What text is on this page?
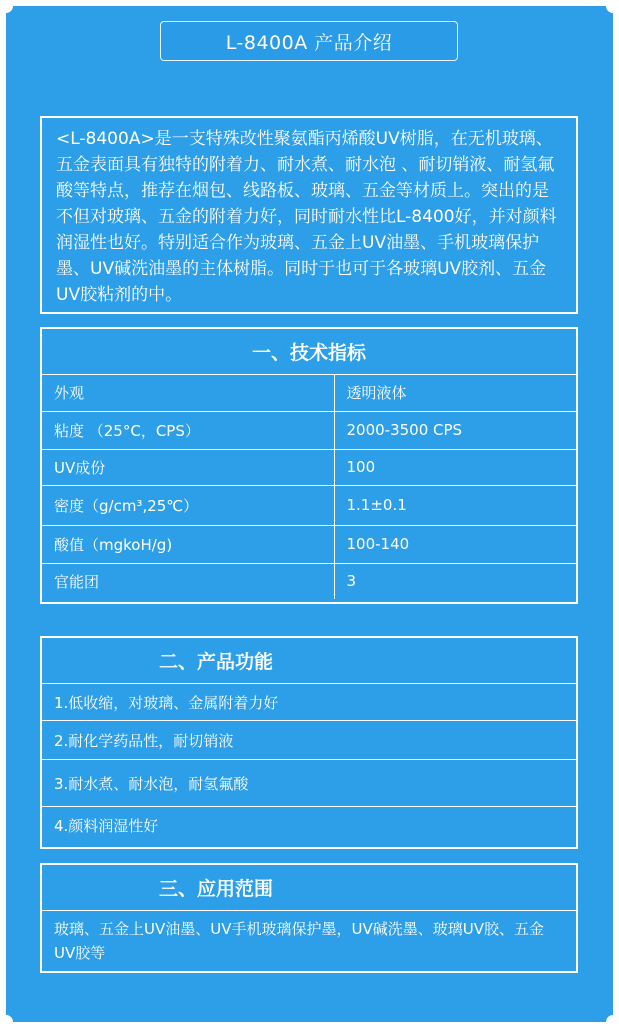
L-8400A 产品介绍
<L-8400A>是一支特殊改性聚氨酯丙烯酸UV树脂，在无机玻璃、五金表面具有独特的附着力、耐水煮、耐水泡 、耐切销液、耐氢氟酸等特点，推荐在烟包、线路板、玻璃、五金等材质上。突出的是不但对玻璃、五金的附着力好，同时耐水性比L-8400好，并对颜料润湿性也好。特别适合作为玻璃、五金上UV油墨、手机玻璃保护墨、UV碱洗油墨的主体树脂。同时于也可于各玻璃UV胶剂、五金UV胶粘剂的中。
一、技术指标
外观	透明液体
粘度 （25°C，CPS）	2000-3500 CPS
UV成份	100
密度（g/cm³,25℃）	1.1±0.1
酸值（mgkoH/g)	100-140
官能团	3
二、产品功能
1.低收缩，对玻璃、金属附着力好
2.耐化学药品性，耐切销液
3.耐水煮、耐水泡，耐氢氟酸
4.颜料润湿性好
三、应用范围
玻璃、五金上UV油墨、UV手机玻璃保护墨，UV碱洗墨、玻璃UV胶、五金UV胶等
